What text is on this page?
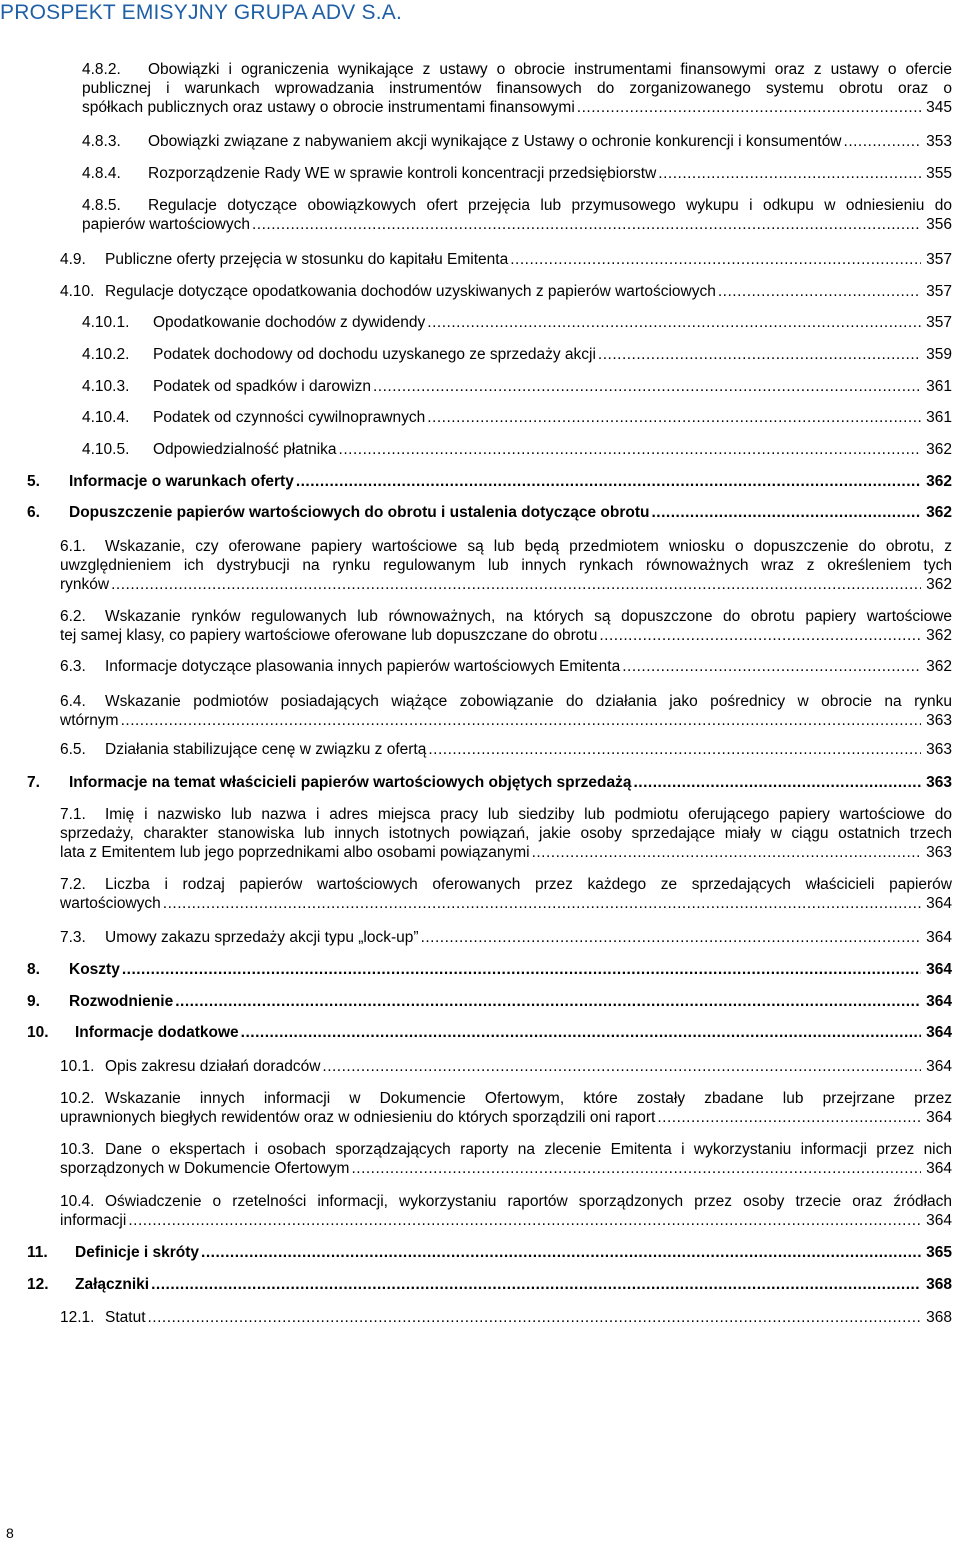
PROSPEKT EMISYJNY GRUPA ADV S.A.
4.8.2. Obowiązki i ograniczenia wynikające z ustawy o obrocie instrumentami finansowymi oraz z ustawy o ofercie
publicznej i warunkach wprowadzania instrumentów finansowych do zorganizowanego systemu obrotu oraz o
spółkach publicznych oraz ustawy o obrocie instrumentami finansowymi .....	345
4.8.3. Obowiązki związane z nabywaniem akcji wynikające z Ustawy o ochronie konkurencji i konsumentów .....	353
4.8.4. Rozporządzenie Rady WE w sprawie kontroli koncentracji przedsiębiorstw .....	355
4.8.5. Regulacje dotyczące obowiązkowych ofert przejęcia lub przymusowego wykupu i odkupu w odniesieniu do
papierów wartościowych .....	356
4.9. Publiczne oferty przejęcia w stosunku do kapitału Emitenta .....	357
4.10. Regulacje dotyczące opodatkowania dochodów uzyskiwanych z papierów wartościowych .....	357
4.10.1. Opodatkowanie dochodów z dywidendy .....	357
4.10.2. Podatek dochodowy od dochodu uzyskanego ze sprzedaży akcji .....	359
4.10.3. Podatek od spadków i darowizn .....	361
4.10.4. Podatek od czynności cywilnoprawnych .....	361
4.10.5. Odpowiedzialność płatnika .....	362
5. Informacje o warunkach oferty .....	362
6. Dopuszczenie papierów wartościowych do obrotu i ustalenia dotyczące obrotu .....	362
6.1. Wskazanie, czy oferowane papiery wartościowe są lub będą przedmiotem wniosku o dopuszczenie do obrotu, z
uwzględnieniem ich dystrybucji na rynku regulowanym lub innych rynkach równoważnych wraz z określeniem tych
rynków .....	362
6.2. Wskazanie rynków regulowanych lub równoważnych, na których są dopuszczone do obrotu papiery wartościowe
tej samej klasy, co papiery wartościowe oferowane lub dopuszczane do obrotu .....	362
6.3. Informacje dotyczące plasowania innych papierów wartościowych Emitenta .....	362
6.4. Wskazanie podmiotów posiadających wiążące zobowiązanie do działania jako pośrednicy w obrocie na rynku
wtórnym .....	363
6.5. Działania stabilizujące cenę w związku z ofertą .....	363
7. Informacje na temat właścicieli papierów wartościowych objętych sprzedażą .....	363
7.1. Imię i nazwisko lub nazwa i adres miejsca pracy lub siedziby lub podmiotu oferującego papiery wartościowe do
sprzedaży, charakter stanowiska lub innych istotnych powiązań, jakie osoby sprzedające miały w ciągu ostatnich trzech
lata z Emitentem lub jego poprzednikami albo osobami powiązanymi .....	363
7.2. Liczba i rodzaj papierów wartościowych oferowanych przez każdego ze sprzedających właścicieli papierów
wartościowych .....	364
7.3. Umowy zakazu sprzedaży akcji typu „lock-up” .....	364
8. Koszty .....	364
9. Rozwodnienie .....	364
10. Informacje dodatkowe .....	364
10.1. Opis zakresu działań doradców .....	364
10.2. Wskazanie innych informacji w Dokumencie Ofertowym, które zostały zbadane lub przejrzane przez
uprawnionych biegłych rewidentów oraz w odniesieniu do których sporządzili oni raport .....	364
10.3. Dane o ekspertach i osobach sporządzających raporty na zlecenie Emitenta i wykorzystaniu informacji przez nich
sporządzonych w Dokumencie Ofertowym .....	364
10.4. Oświadczenie o rzetelności informacji, wykorzystaniu raportów sporządzonych przez osoby trzecie oraz źródłach
informacji .....	364
11. Definicje i skróty .....	365
12. Załączniki .....	368
12.1. Statut .....	368
8
